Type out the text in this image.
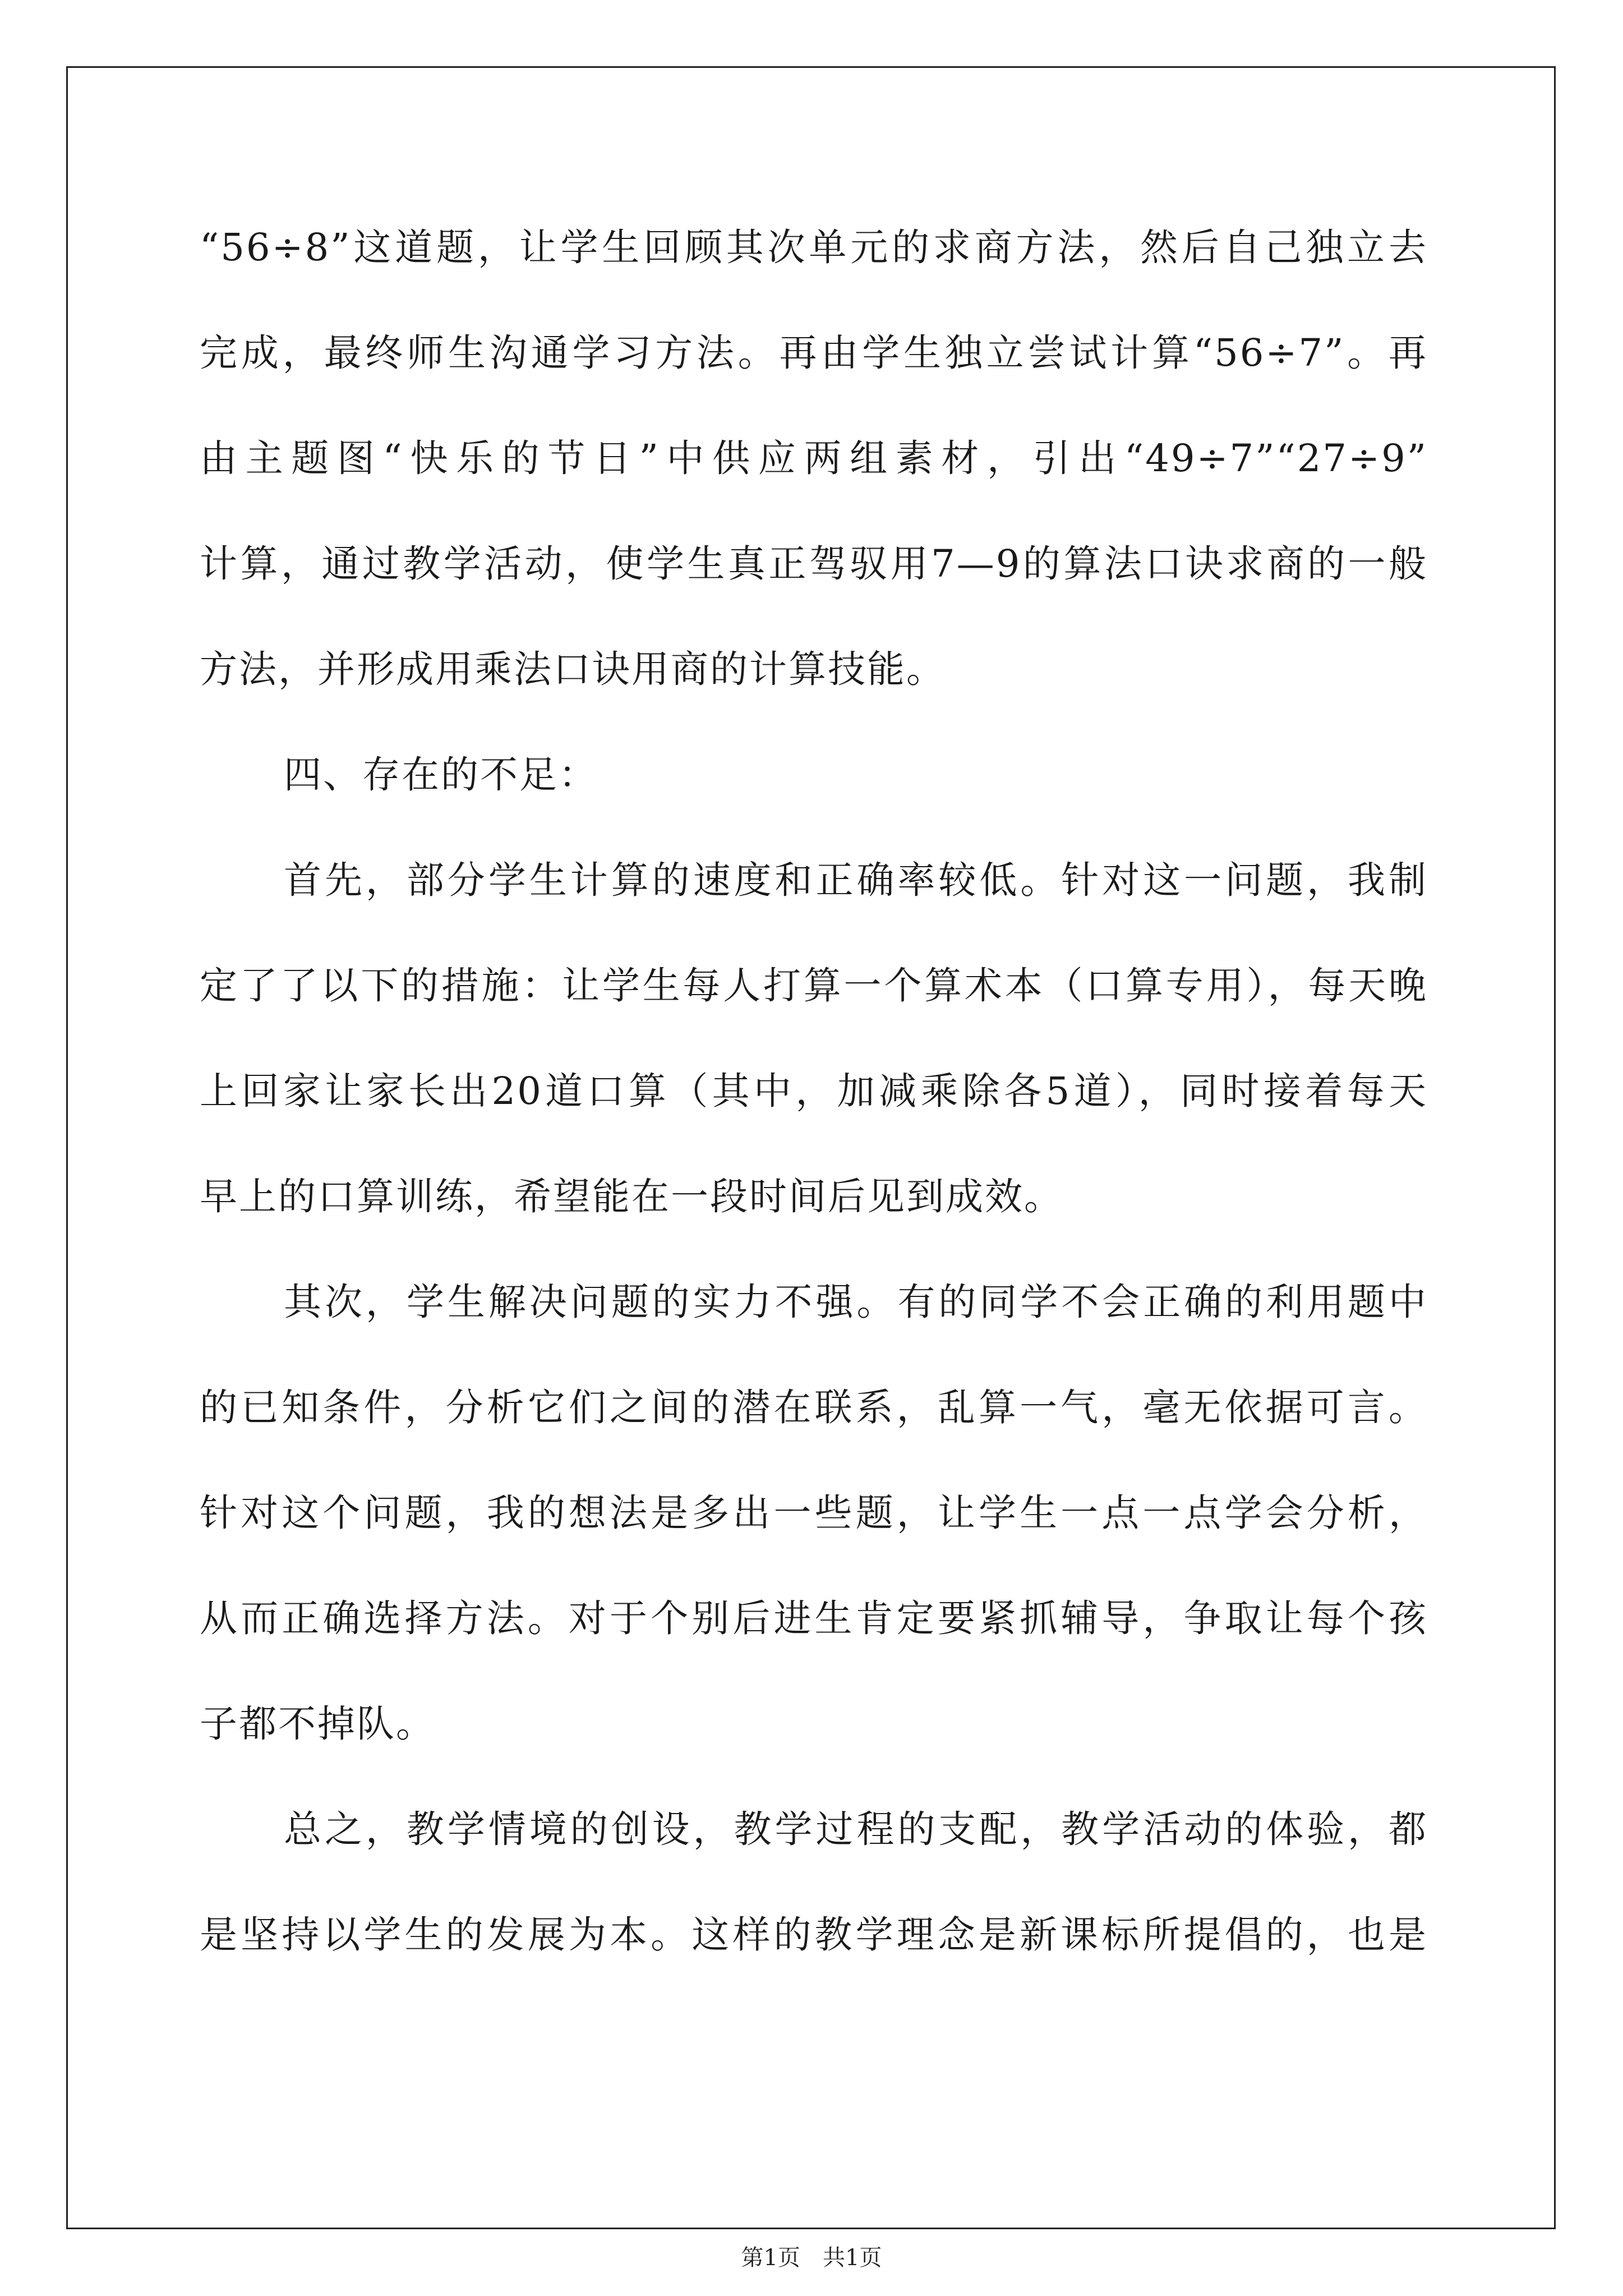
“56÷8”这道题，让学生回顾其次单元的求商方法，然后自己独立去
完成，最终师生沟通学习方法。再由学生独立尝试计算“56÷7”。再
由主题图“快乐的节日”中供应两组素材，引出“49÷7”“27÷9”
计算，通过教学活动，使学生真正驾驭用7—9的算法口诀求商的一般
方法，并形成用乘法口诀用商的计算技能。
四、存在的不足：
首先，部分学生计算的速度和正确率较低。针对这一问题，我制
定了了以下的措施：让学生每人打算一个算术本（口算专用），每天晚
上回家让家长出20道口算（其中，加减乘除各5道），同时接着每天
早上的口算训练，希望能在一段时间后见到成效。
其次，学生解决问题的实力不强。有的同学不会正确的利用题中
的已知条件，分析它们之间的潜在联系，乱算一气，毫无依据可言。
针对这个问题，我的想法是多出一些题，让学生一点一点学会分析，
从而正确选择方法。对于个别后进生肯定要紧抓辅导，争取让每个孩
子都不掉队。
总之，教学情境的创设，教学过程的支配，教学活动的体验，都
是坚持以学生的发展为本。这样的教学理念是新课标所提倡的，也是
第1页 共1页
